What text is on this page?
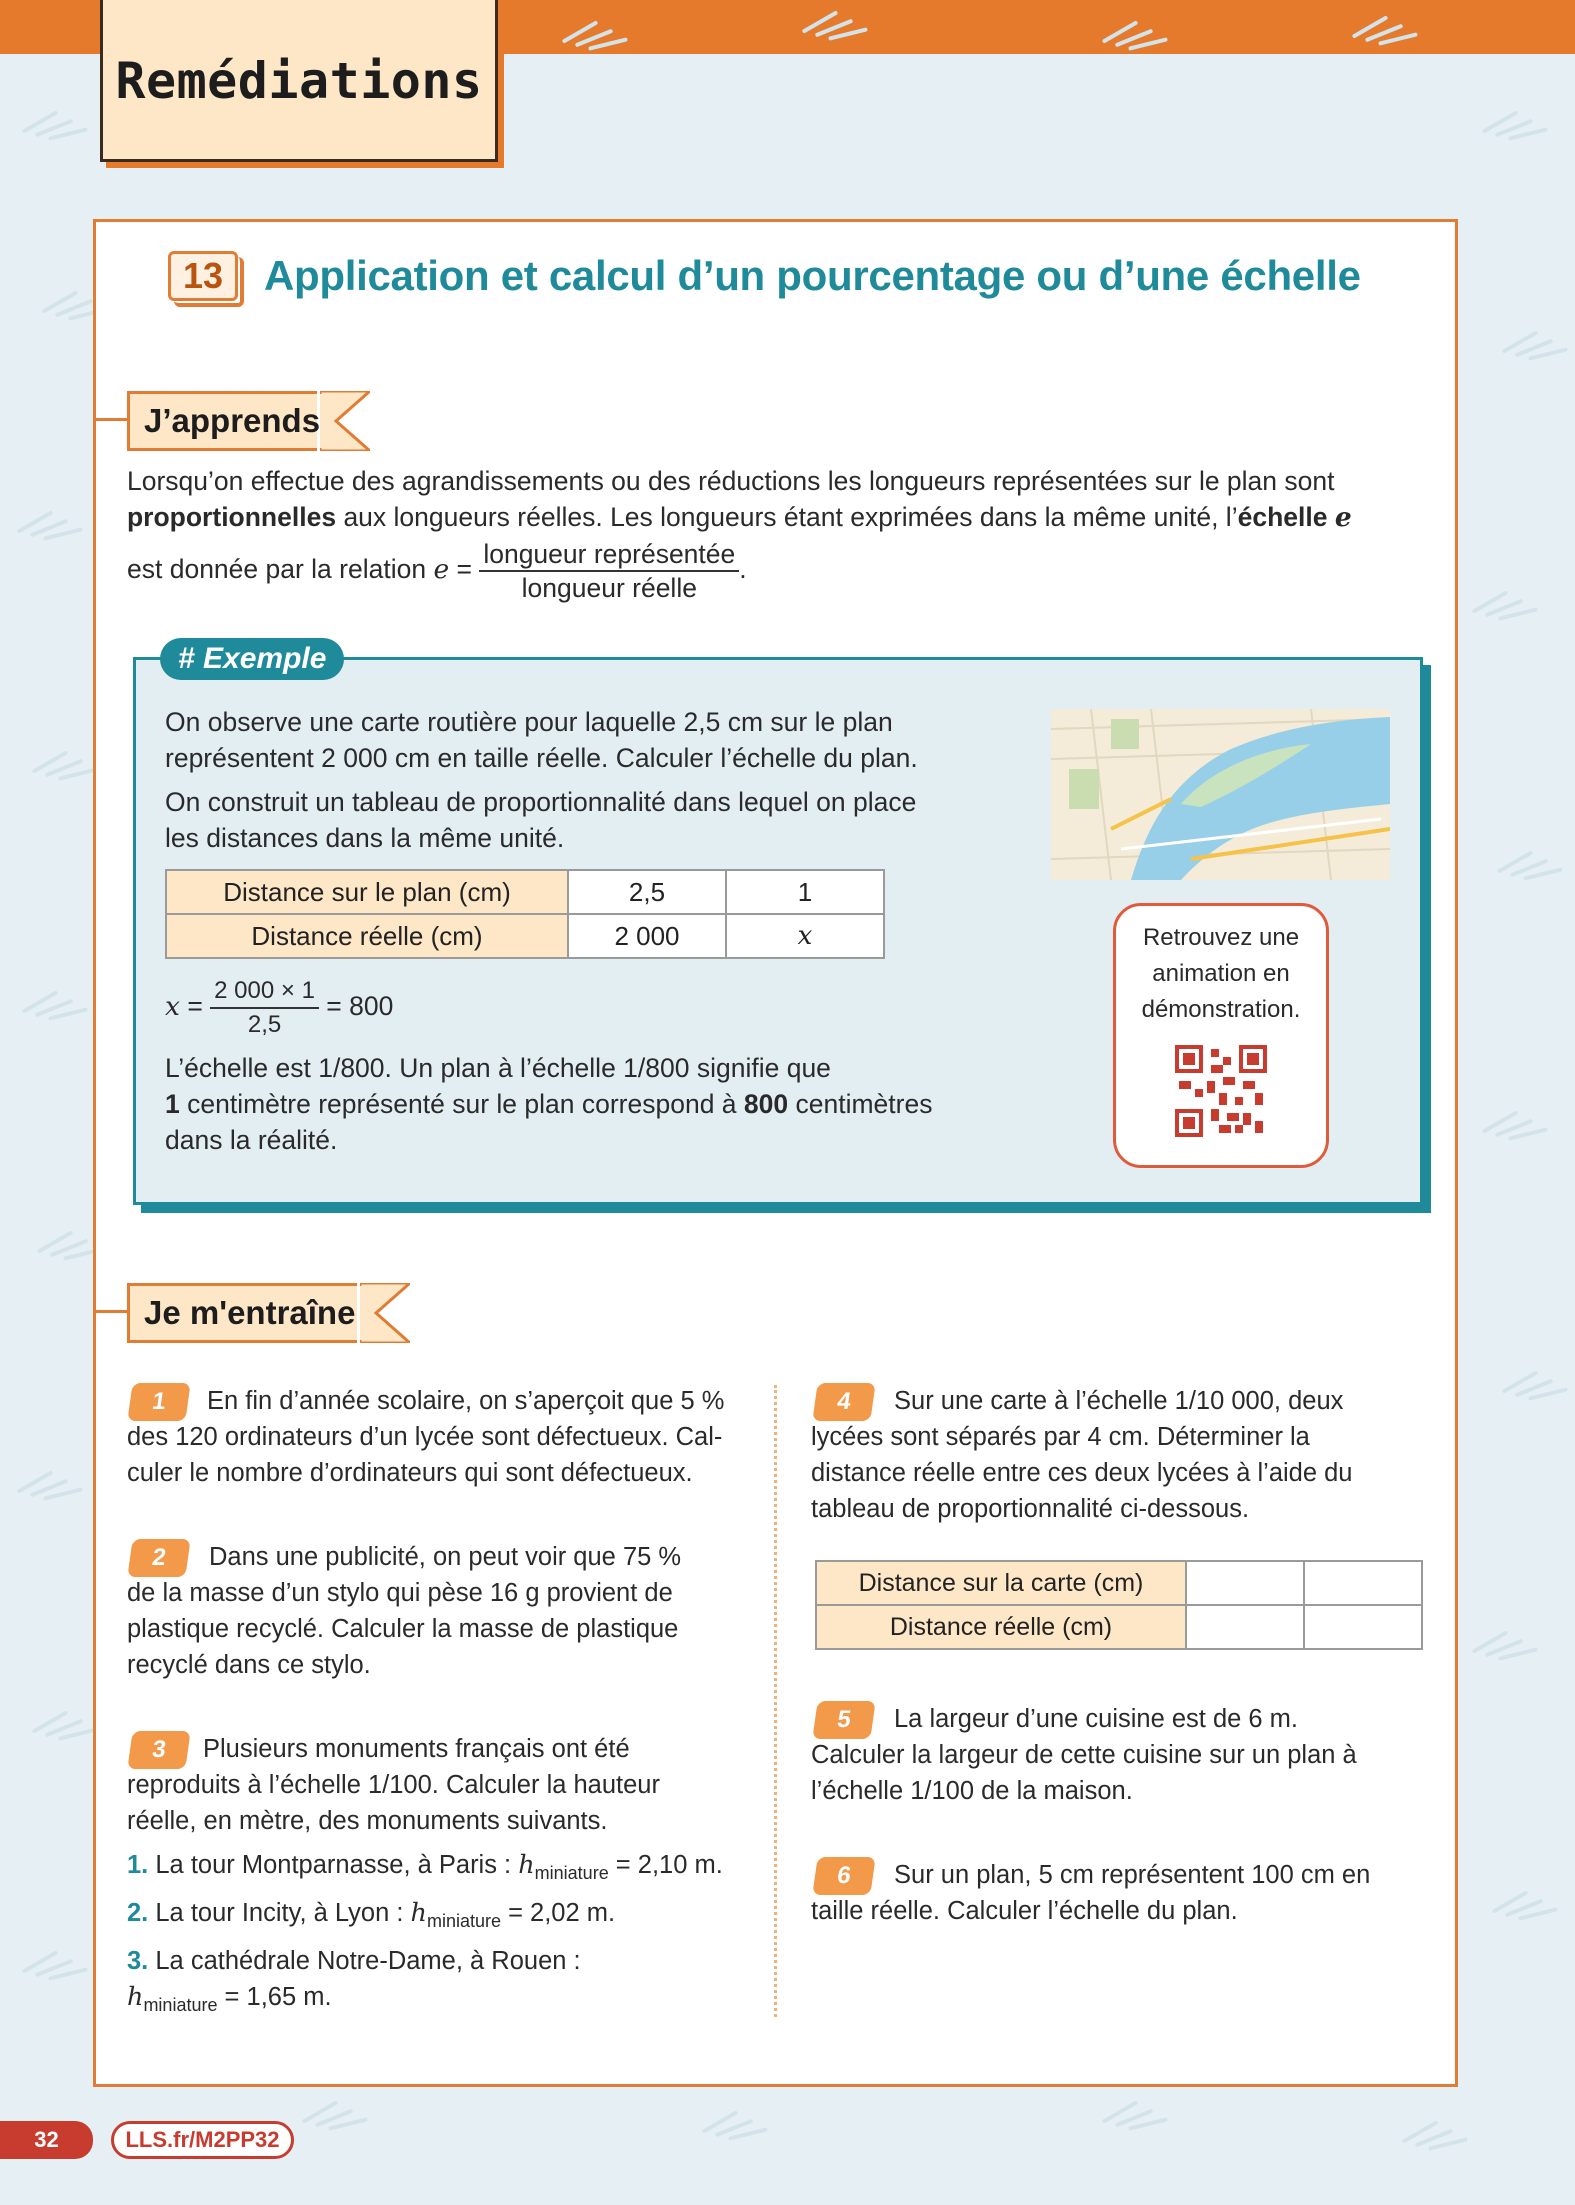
Remédiations
13 Application et calcul d’un pourcentage ou d’une échelle
J’apprends
Lorsqu’on effectue des agrandissements ou des réductions les longueurs représentées sur le plan sont
proportionnelles aux longueurs réelles. Les longueurs étant exprimées dans la même unité, l’échelle e
est donnée par la relation $e = \frac{\text{longueur représentée}}{\text{longueur réelle}}$ .
# Exemple
On observe une carte routière pour laquelle 2,5 cm sur le plan
représentent 2 000 cm en taille réelle. Calculer l’échelle du plan.
On construit un tableau de proportionnalité dans lequel on place
les distances dans la même unité.
Distance sur le plan (cm)	2,5	1
Distance réelle (cm)	2 000	x
$x = \frac{2 000 \times 1}{2,5} = 800$
L’échelle est 1/800. Un plan à l’échelle 1/800 signifie que
1 centimètre représenté sur le plan correspond à 800 centimètres
dans la réalité.
Retrouvez une
animation en
démonstration.
Je m'entraîne
1	En fin d’année scolaire, on s’aperçoit que 5 %
des 120 ordinateurs d’un lycée sont défectueux. Cal-
culer le nombre d’ordinateurs qui sont défectueux.
2	Dans une publicité, on peut voir que 75 %
de la masse d’un stylo qui pèse 16 g provient de
plastique recyclé. Calculer la masse de plastique
recyclé dans ce stylo.
3	Plusieurs monuments français ont été
reproduits à l’échelle 1/100. Calculer la hauteur
réelle, en mètre, des monuments suivants.
1. La tour Montparnasse, à Paris : $h_{miniature} = 2,10$ m.
2. La tour Incity, à Lyon : $h_{miniature} = 2,02$ m.
3. La cathédrale Notre-Dame, à Rouen :
$h_{miniature} = 1,65$ m.
4	Sur une carte à l’échelle 1/10 000, deux
lycées sont séparés par 4 cm. Déterminer la
distance réelle entre ces deux lycées à l’aide du
tableau de proportionnalité ci-dessous.
Distance sur la carte (cm)		
Distance réelle (cm)		
5	La largeur d’une cuisine est de 6 m.
Calculer la largeur de cette cuisine sur un plan à
l’échelle 1/100 de la maison.
6	Sur un plan, 5 cm représentent 100 cm en
taille réelle. Calculer l’échelle du plan.
32	LLS.fr/M2PP32
